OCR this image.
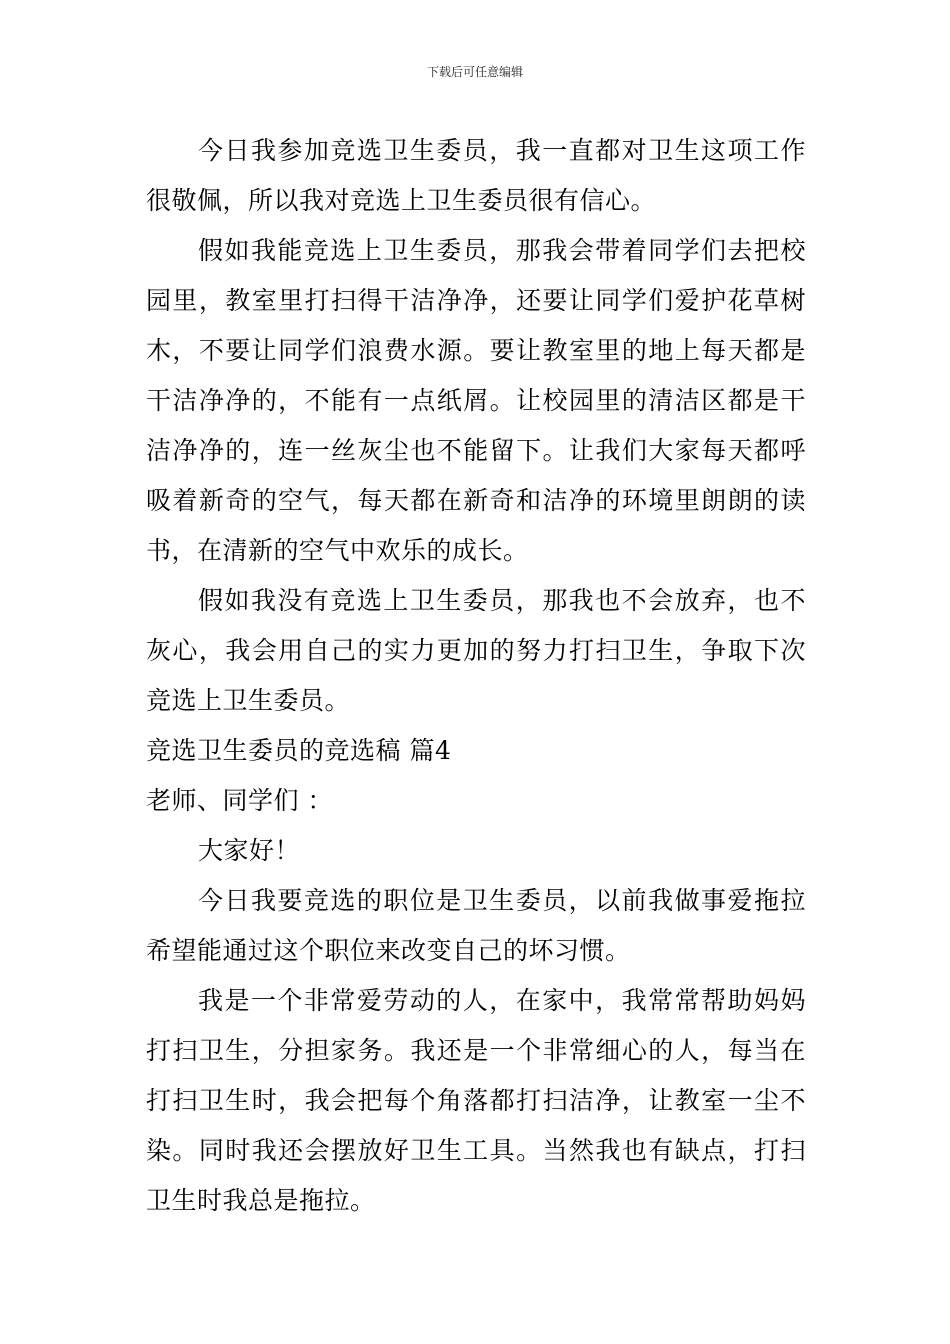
下载后可任意编辑

今日我参加竞选卫生委员，我一直都对卫生这项工作很敬佩，所以我对竞选上卫生委员很有信心。

假如我能竞选上卫生委员，那我会带着同学们去把校园里，教室里打扫得干洁净净，还要让同学们爱护花草树木，不要让同学们浪费水源。要让教室里的地上每天都是干洁净净的，不能有一点纸屑。让校园里的清洁区都是干洁净净的，连一丝灰尘也不能留下。让我们大家每天都呼吸着新奇的空气，每天都在新奇和洁净的环境里朗朗的读书，在清新的空气中欢乐的成长。

假如我没有竞选上卫生委员，那我也不会放弃，也不灰心，我会用自己的实力更加的努力打扫卫生，争取下次竞选上卫生委员。

竞选卫生委员的竞选稿 篇4

老师、同学们 ：

大家好！

今日我要竞选的职位是卫生委员，以前我做事爱拖拉希望能通过这个职位来改变自己的坏习惯。

我是一个非常爱劳动的人，在家中，我常常帮助妈妈打扫卫生，分担家务。我还是一个非常细心的人，每当在打扫卫生时，我会把每个角落都打扫洁净，让教室一尘不染。同时我还会摆放好卫生工具。当然我也有缺点，打扫卫生时我总是拖拉。
